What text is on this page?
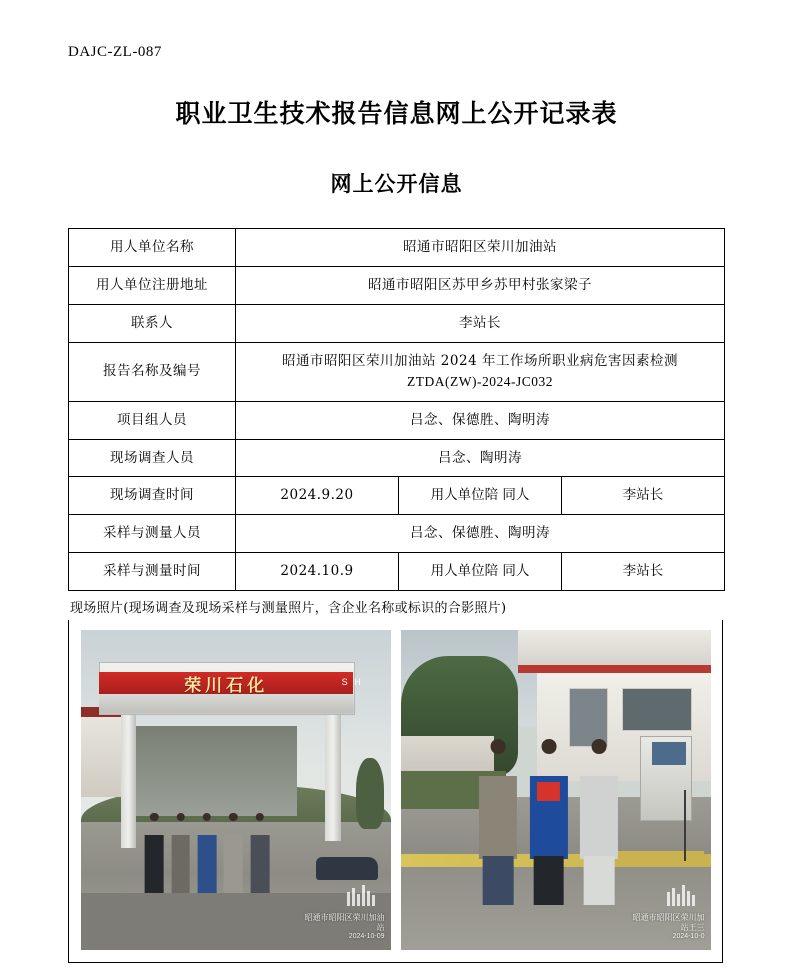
DAJC-ZL-087
职业卫生技术报告信息网上公开记录表
网上公开信息
用人单位名称	昭通市昭阳区荣川加油站		
用人单位注册地址	昭通市昭阳区苏甲乡苏甲村张家梁子		
联系人	李站长		
报告名称及编号	昭通市昭阳区荣川加油站 2024 年工作场所职业病危害因素检测
ZTDA(ZW)-2024-JC032		

项目组人员	吕念、保德胜、陶明涛		
现场调查人员	吕念、陶明涛		
现场调查时间	2024.9.20	用人单位陪 同人	李站长
采样与测量人员	吕念、保德胜、陶明涛		
采样与测量时间	2024.10.9	用人单位陪 同人	李站长
现场照片(现场调查及现场采样与测量照片，含企业名称或标识的合影照片)
荣川石化	S H
昭通市昭阳区荣川加油
站
2024-10-09
昭通市昭阳区荣川加
站王三
2024-10-0
